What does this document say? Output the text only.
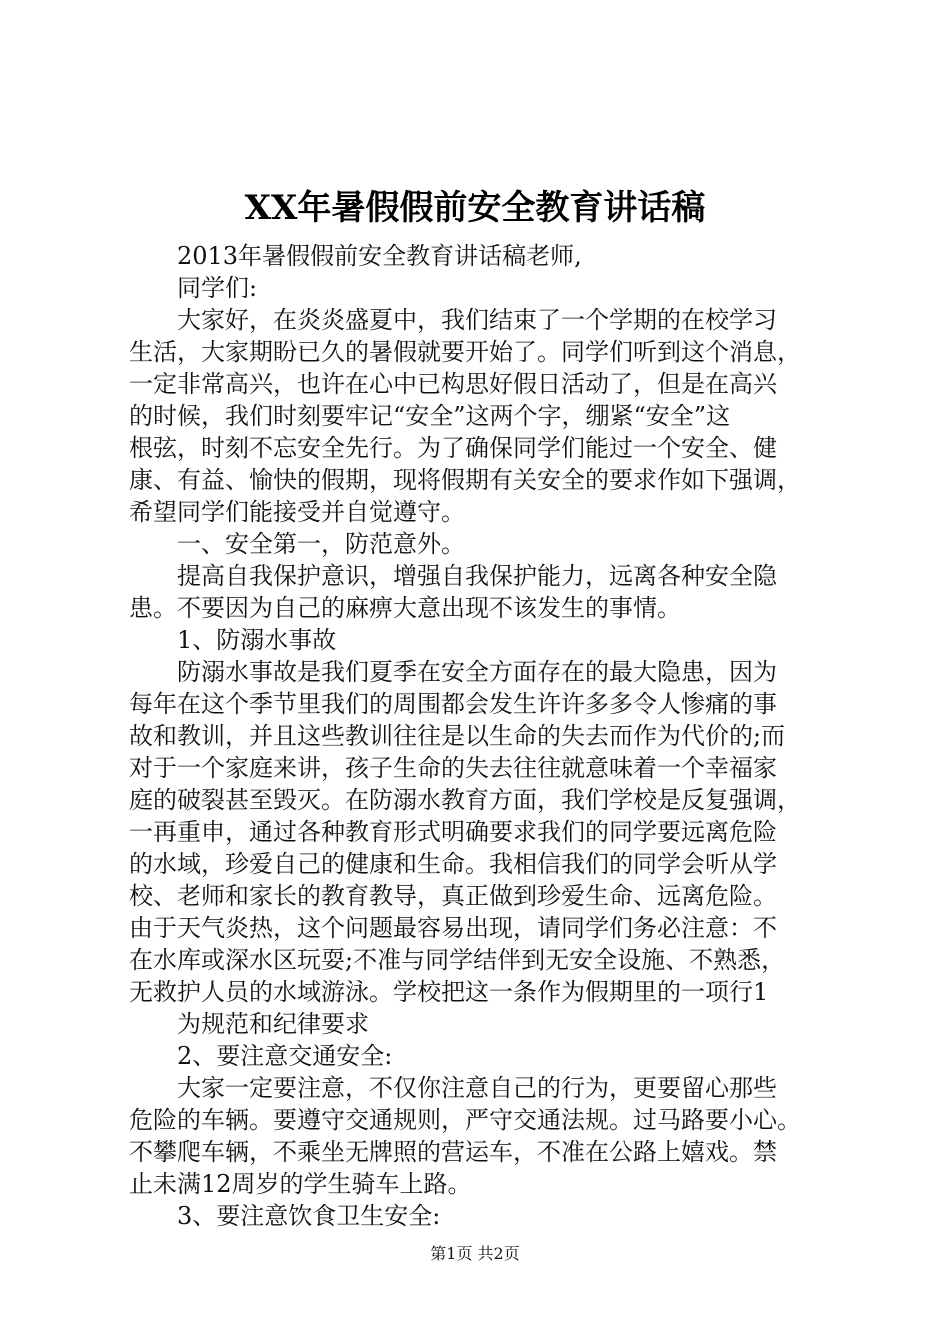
XX年暑假假前安全教育讲话稿
2013年暑假假前安全教育讲话稿老师,
同学们:
大家好，在炎炎盛夏中，我们结束了一个学期的在校学习
生活，大家期盼已久的暑假就要开始了。同学们听到这个消息，
一定非常高兴，也许在心中已构思好假日活动了，但是在高兴
的时候，我们时刻要牢记“安全”这两个字，绷紧“安全”这
根弦，时刻不忘安全先行。为了确保同学们能过一个安全、健
康、有益、愉快的假期，现将假期有关安全的要求作如下强调，
希望同学们能接受并自觉遵守。
一、安全第一，防范意外。
提高自我保护意识，增强自我保护能力，远离各种安全隐
患。不要因为自己的麻痹大意出现不该发生的事情。
1、防溺水事故
防溺水事故是我们夏季在安全方面存在的最大隐患，因为
每年在这个季节里我们的周围都会发生许许多多令人惨痛的事
故和教训，并且这些教训往往是以生命的失去而作为代价的;而
对于一个家庭来讲，孩子生命的失去往往就意味着一个幸福家
庭的破裂甚至毁灭。在防溺水教育方面，我们学校是反复强调，
一再重申，通过各种教育形式明确要求我们的同学要远离危险
的水域，珍爱自己的健康和生命。我相信我们的同学会听从学
校、老师和家长的教育教导，真正做到珍爱生命、远离危险。
由于天气炎热，这个问题最容易出现，请同学们务必注意：不
在水库或深水区玩耍;不准与同学结伴到无安全设施、不熟悉，
无救护人员的水域游泳。学校把这一条作为假期里的一项行1
为规范和纪律要求
2、要注意交通安全:
大家一定要注意，不仅你注意自己的行为，更要留心那些
危险的车辆。要遵守交通规则，严守交通法规。过马路要小心。
不攀爬车辆，不乘坐无牌照的营运车，不准在公路上嬉戏。禁
止未满12周岁的学生骑车上路。
3、要注意饮食卫生安全:
第1页 共2页
